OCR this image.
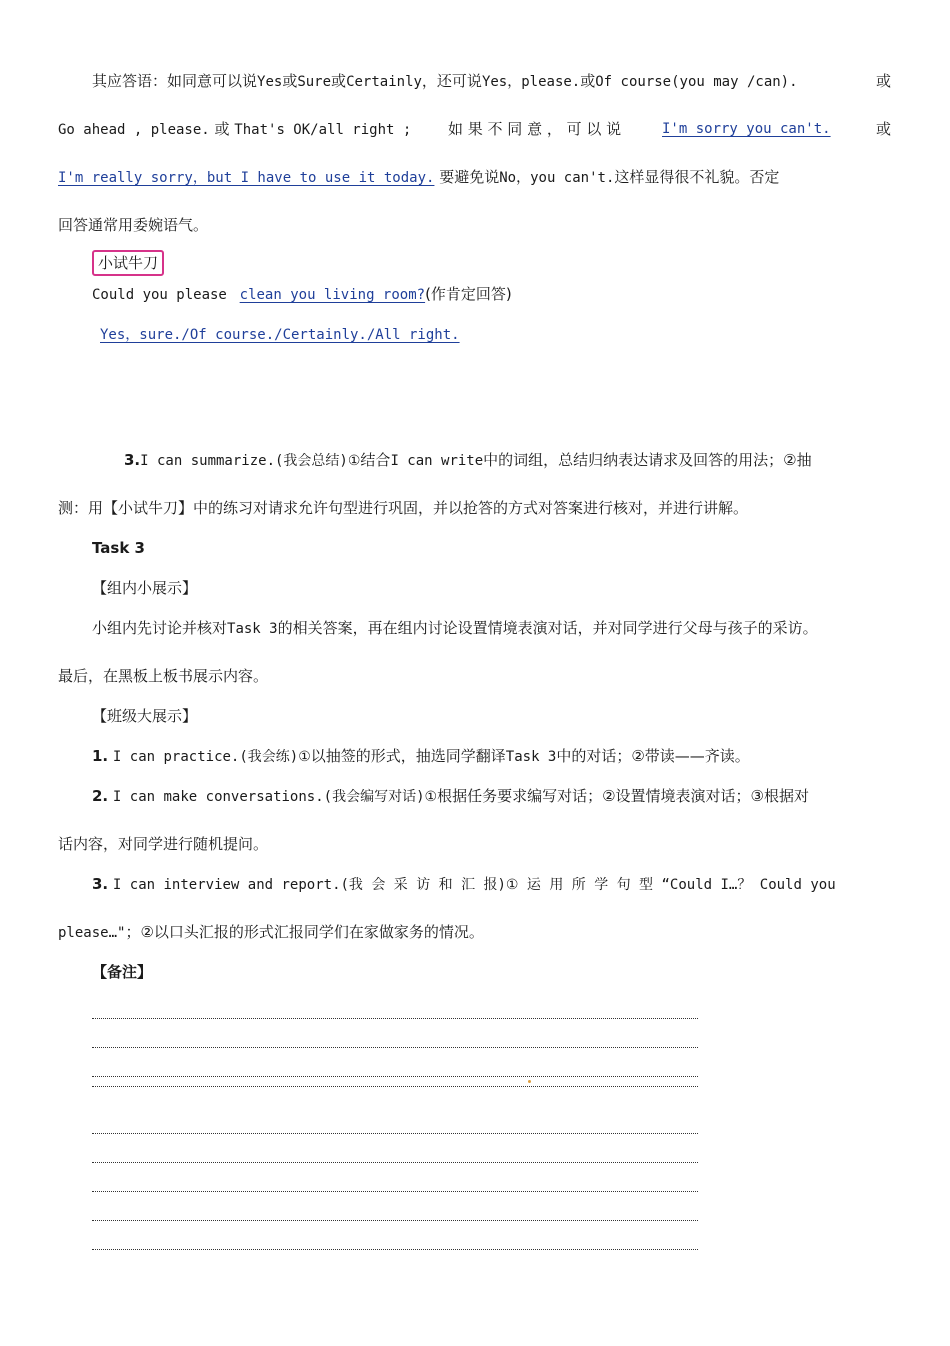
其应答语：如同意可以说Yes或Sure或Certainly，还可说Yes，please.或Of course(you may /can).	或
Go ahead , please. 或 That's OK/all right ; 如 果 不 同 意 ， 可 以 说	I'm sorry you can't.	或
I'm really sorry，but I have to use it today. 要避免说No，you can't.这样显得很不礼貌。否定
回答通常用委婉语气。
小试牛刀
Could you please clean you living room?(作肯定回答)
Yes，sure./Of course./Certainly./All right.
3.I can summarize.(我会总结)①结合I can write中的词组，总结归纳表达请求及回答的用法；②抽
测：用【小试牛刀】中的练习对请求允许句型进行巩固，并以抢答的方式对答案进行核对，并进行讲解。
Task 3
【组内小展示】
小组内先讨论并核对Task 3的相关答案，再在组内讨论设置情境表演对话，并对同学进行父母与孩子的采访。
最后，在黑板上板书展示内容。
【班级大展示】
1. I can practice.(我会练)①以抽签的形式，抽选同学翻译Task 3中的对话；②带读——齐读。
2. I can make conversations.(我会编写对话)①根据任务要求编写对话；②设置情境表演对话；③根据对
话内容，对同学进行随机提问。
3. I can interview and report.(我 会 采 访 和 汇 报)① 运 用 所 学 句 型 “Could I…？ Could you
please…"；②以口头汇报的形式汇报同学们在家做家务的情况。
【备注】
